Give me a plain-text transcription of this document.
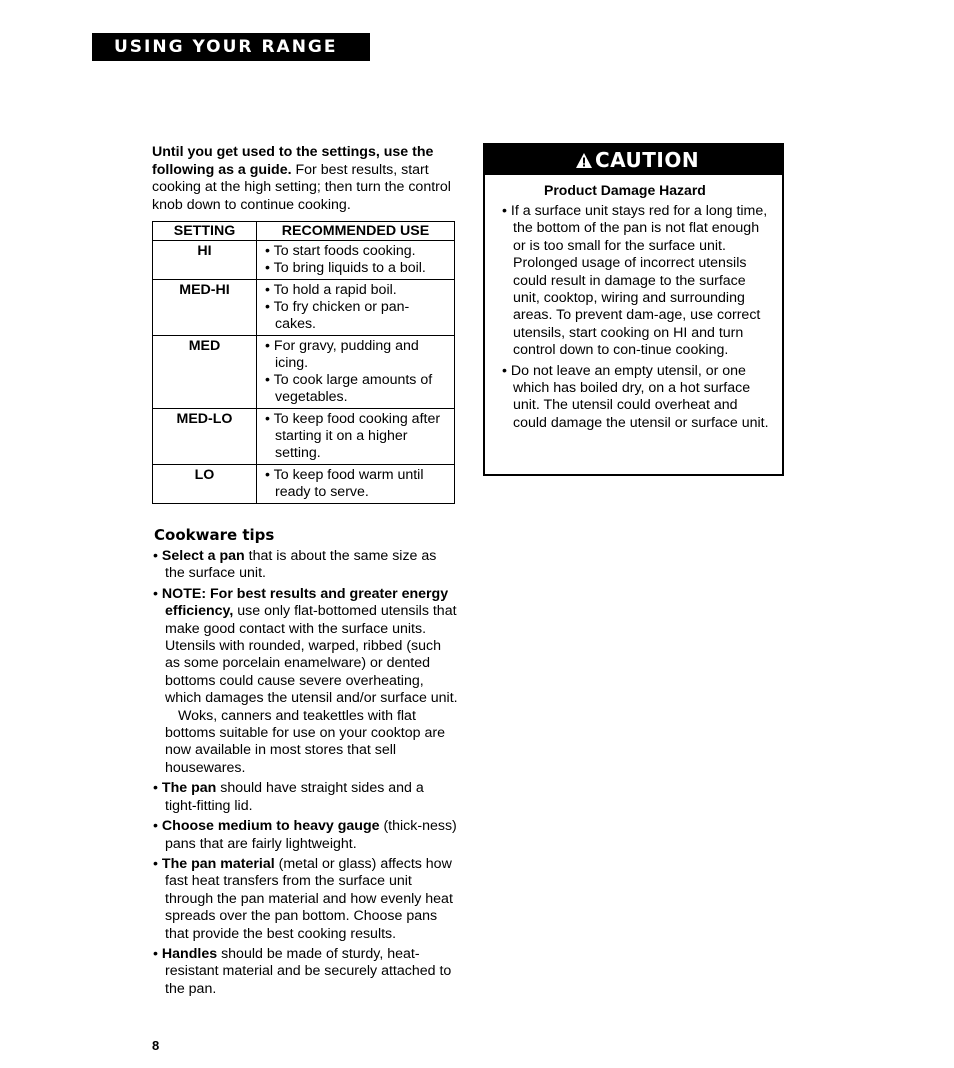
USING YOUR RANGE
Until you get used to the settings, use the following as a guide. For best results, start cooking at the high setting; then turn the control knob down to continue cooking.
SETTING	RECOMMENDED USE
HI	• To start foods cooking.
• To bring liquids to a boil.

MED-HI	• To hold a rapid boil.
• To fry chicken or pan-cakes.

MED	• For gravy, pudding and icing.
• To cook large amounts of vegetables.

MED-LO	• To keep food cooking after starting it on a higher setting.

LO	• To keep food warm until ready to serve.
Cookware tips
• Select a pan that is about the same size as the surface unit.
• NOTE: For best results and greater energy efficiency, use only flat-bottomed utensils that make good contact with the surface units. Utensils with rounded, warped, ribbed (such as some porcelain enamelware) or dented bottoms could cause severe overheating, which damages the utensil and/or surface unit.
Woks, canners and teakettles with flat bottoms suitable for use on your cooktop are now available in most stores that sell housewares.
• The pan should have straight sides and a tight-fitting lid.
• Choose medium to heavy gauge (thick-ness) pans that are fairly lightweight.
• The pan material (metal or glass) affects how fast heat transfers from the surface unit through the pan material and how evenly heat spreads over the pan bottom. Choose pans that provide the best cooking results.
• Handles should be made of sturdy, heat-resistant material and be securely attached to the pan.
8
CAUTION
Product Damage Hazard
• If a surface unit stays red for a long time, the bottom of the pan is not flat enough or is too small for the surface unit. Prolonged usage of incorrect utensils could result in damage to the surface unit, cooktop, wiring and surrounding areas. To prevent dam-age, use correct utensils, start cooking on HI and turn control down to con-tinue cooking.
• Do not leave an empty utensil, or one which has boiled dry, on a hot surface unit. The utensil could overheat and could damage the utensil or surface unit.
